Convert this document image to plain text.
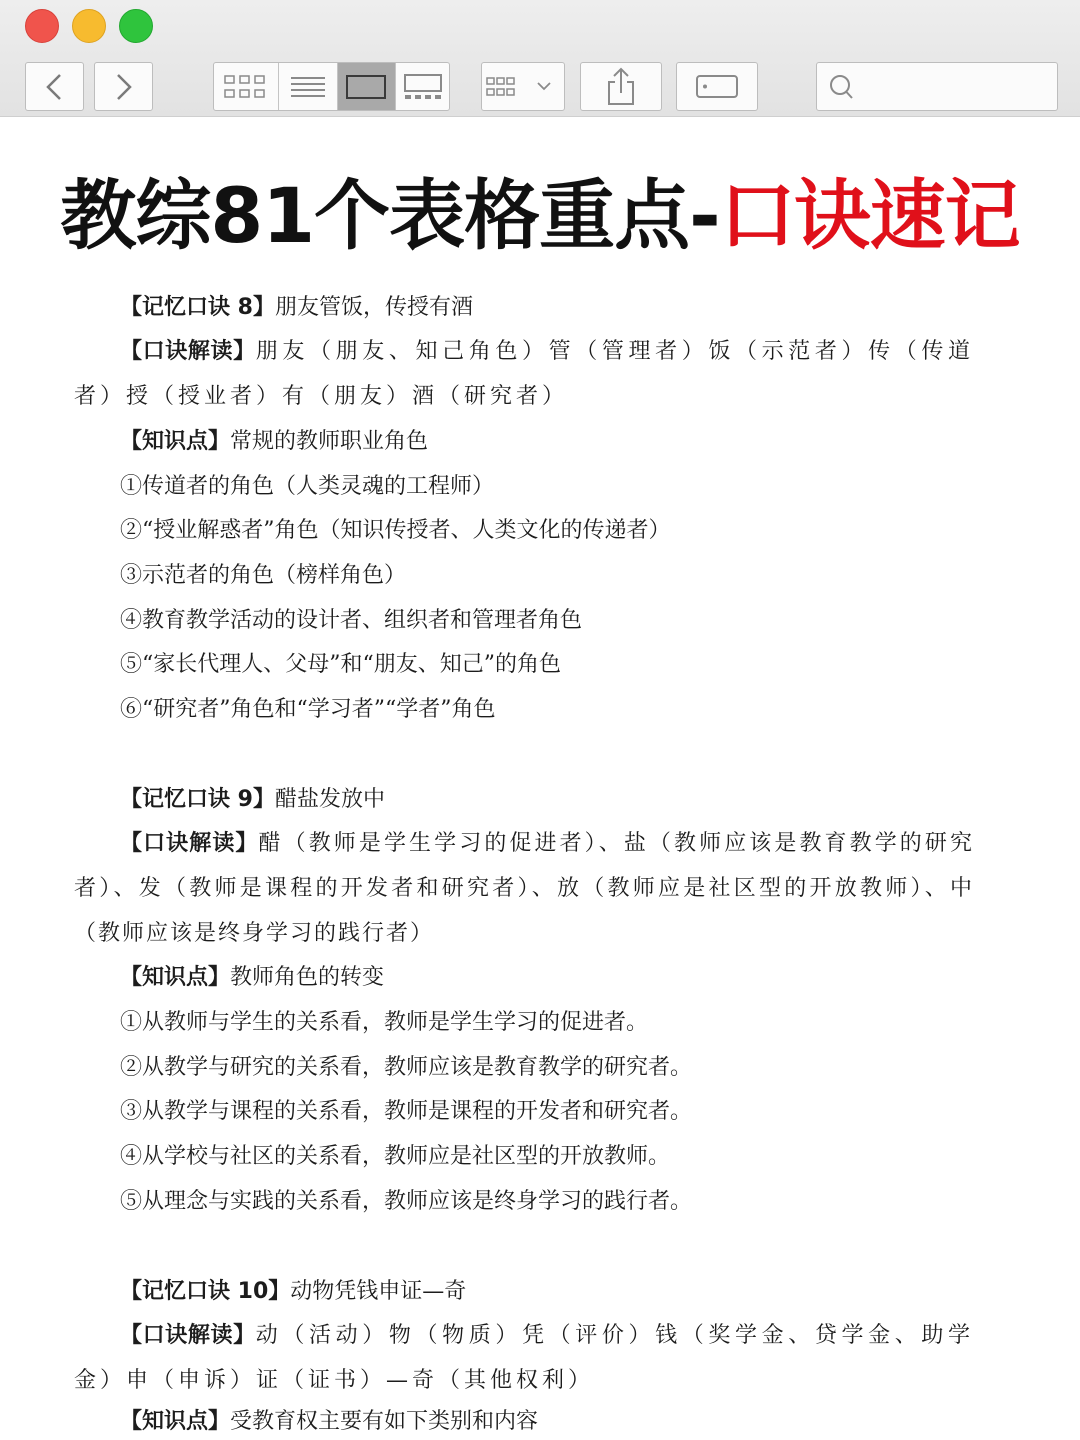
教综81个表格重点-口诀速记
【记忆口诀 8】朋友管饭，传授有酒
【口诀解读】朋友（朋友、知己角色）管（管理者）饭（示范者）传（传道
者）授（授业者）有（朋友）酒（研究者）
【知识点】常规的教师职业角色
①传道者的角色（人类灵魂的工程师）
②“授业解惑者”角色（知识传授者、人类文化的传递者）
③示范者的角色（榜样角色）
④教育教学活动的设计者、组织者和管理者角色
⑤“家长代理人、父母”和“朋友、知己”的角色
⑥“研究者”角色和“学习者”“学者”角色
【记忆口诀 9】醋盐发放中
【口诀解读】醋（教师是学生学习的促进者）、盐（教师应该是教育教学的研究
者）、发（教师是课程的开发者和研究者）、放（教师应是社区型的开放教师）、中
（教师应该是终身学习的践行者）
【知识点】教师角色的转变
①从教师与学生的关系看，教师是学生学习的促进者。
②从教学与研究的关系看，教师应该是教育教学的研究者。
③从教学与课程的关系看，教师是课程的开发者和研究者。
④从学校与社区的关系看，教师应是社区型的开放教师。
⑤从理念与实践的关系看，教师应该是终身学习的践行者。
【记忆口诀 10】动物凭钱申证—奇
【口诀解读】动（活动）物（物质）凭（评价）钱（奖学金、贷学金、助学
金）申（申诉）证（证书）—奇（其他权利）
【知识点】受教育权主要有如下类别和内容
